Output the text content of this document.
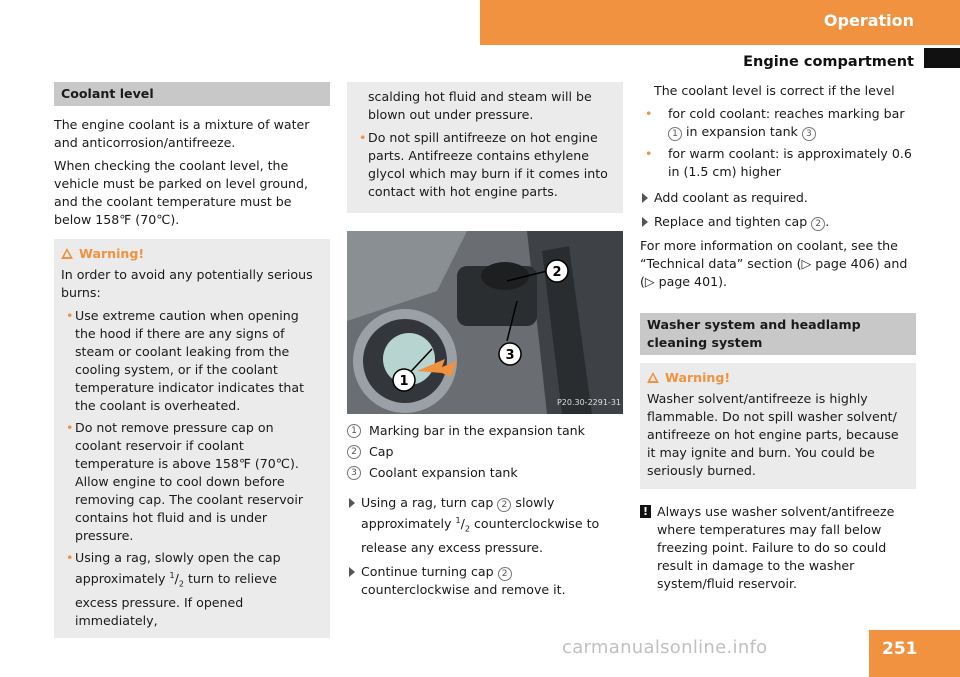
Operation
Engine compartment
Coolant level

The engine coolant is a mixture of water and anticorrosion/antifreeze.

When checking the coolant level, the vehicle must be parked on level ground, and the coolant temperature must be below 158℉ (70℃).

Warning!

In order to avoid any potentially serious burns:

• Use extreme caution when opening the hood if there are any signs of steam or coolant leaking from the cooling system, or if the coolant temperature indicator indicates that the coolant is overheated.
• Do not remove pressure cap on coolant reservoir if coolant temperature is above 158℉ (70℃). Allow engine to cool down before removing cap. The coolant reservoir contains hot fluid and is under pressure.
• Using a rag, slowly open the cap approximately $^1/_2$ turn to relieve excess pressure. If opened immediately,

scalding hot fluid and steam will be blown out under pressure.

• Do not spill antifreeze on hot engine parts. Antifreeze contains ethylene glycol which may burn if it comes into contact with hot engine parts.
1
2
3
P20.30-2291-31
1 Marking bar in the expansion tank
2 Cap
3 Coolant expansion tank
Using a rag, turn cap 2 slowly approximately $^1/_2$ counterclockwise to release any excess pressure.
Continue turning cap 2 counterclockwise and remove it.

The coolant level is correct if the level

• for cold coolant: reaches marking bar 1 in expansion tank 3
• for warm coolant: is approximately 0.6 in (1.5 cm) higher
Add coolant as required.
Replace and tighten cap 2 .

For more information on coolant, see the “Technical data” section (▷ page 406) and (▷ page 401).

Washer system and headlamp cleaning system
Warning!

Washer solvent/antifreeze is highly flammable. Do not spill washer solvent/ antifreeze on hot engine parts, because it may ignite and burn. You could be seriously burned.

! Always use washer solvent/antifreeze where temperatures may fall below freezing point. Failure to do so could result in damage to the washer system/fluid reservoir.
251
carmanualsonline.info
